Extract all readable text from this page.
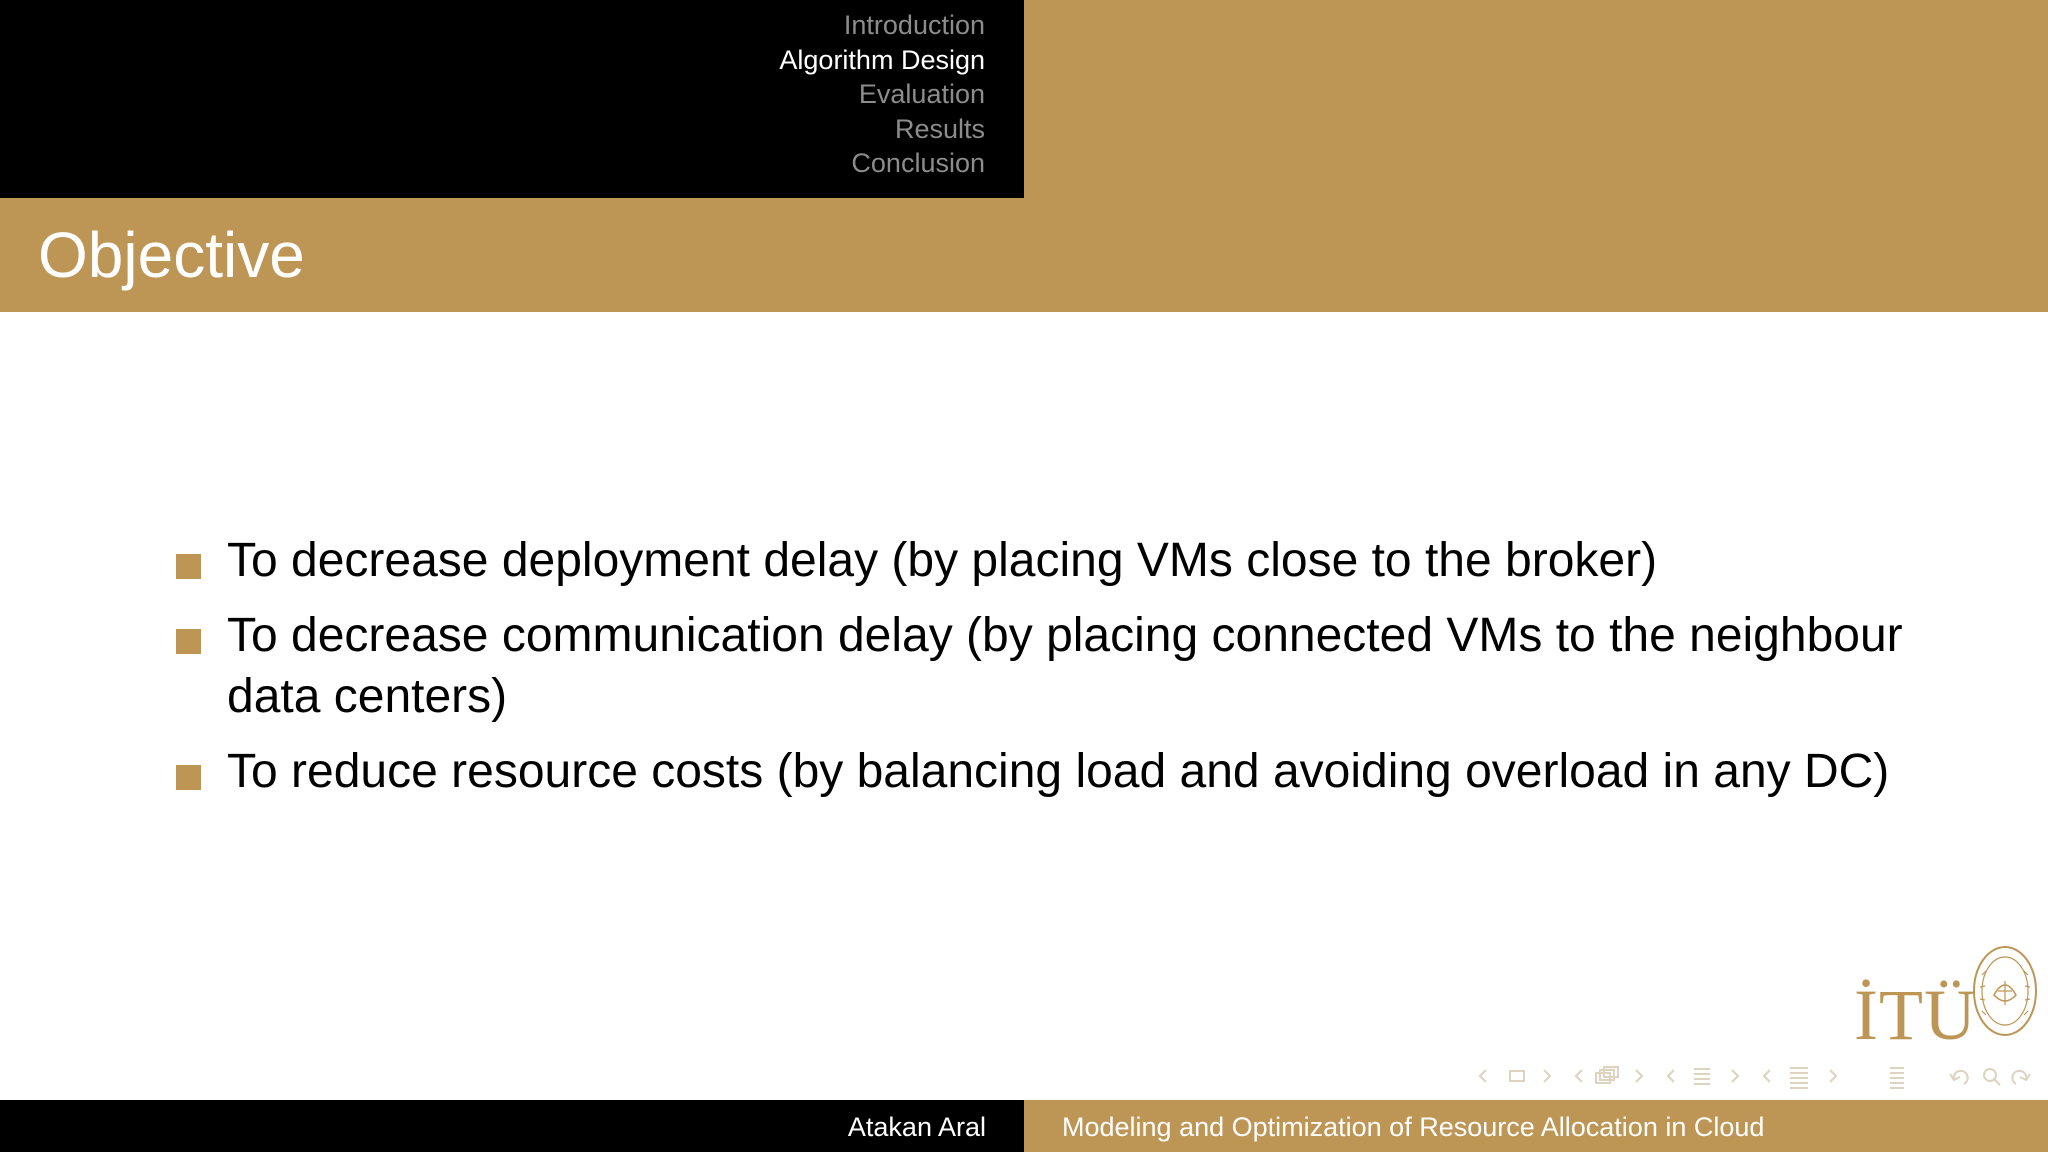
Introduction
Algorithm Design
Evaluation
Results
Conclusion
Objective
To decrease deployment delay (by placing VMs close to the broker)
To decrease communication delay (by placing connected VMs to the neighbour data centers)
To reduce resource costs (by balancing load and avoiding overload in any DC)
İTÜ
Atakan Aral	Modeling and Optimization of Resource Allocation in Cloud
